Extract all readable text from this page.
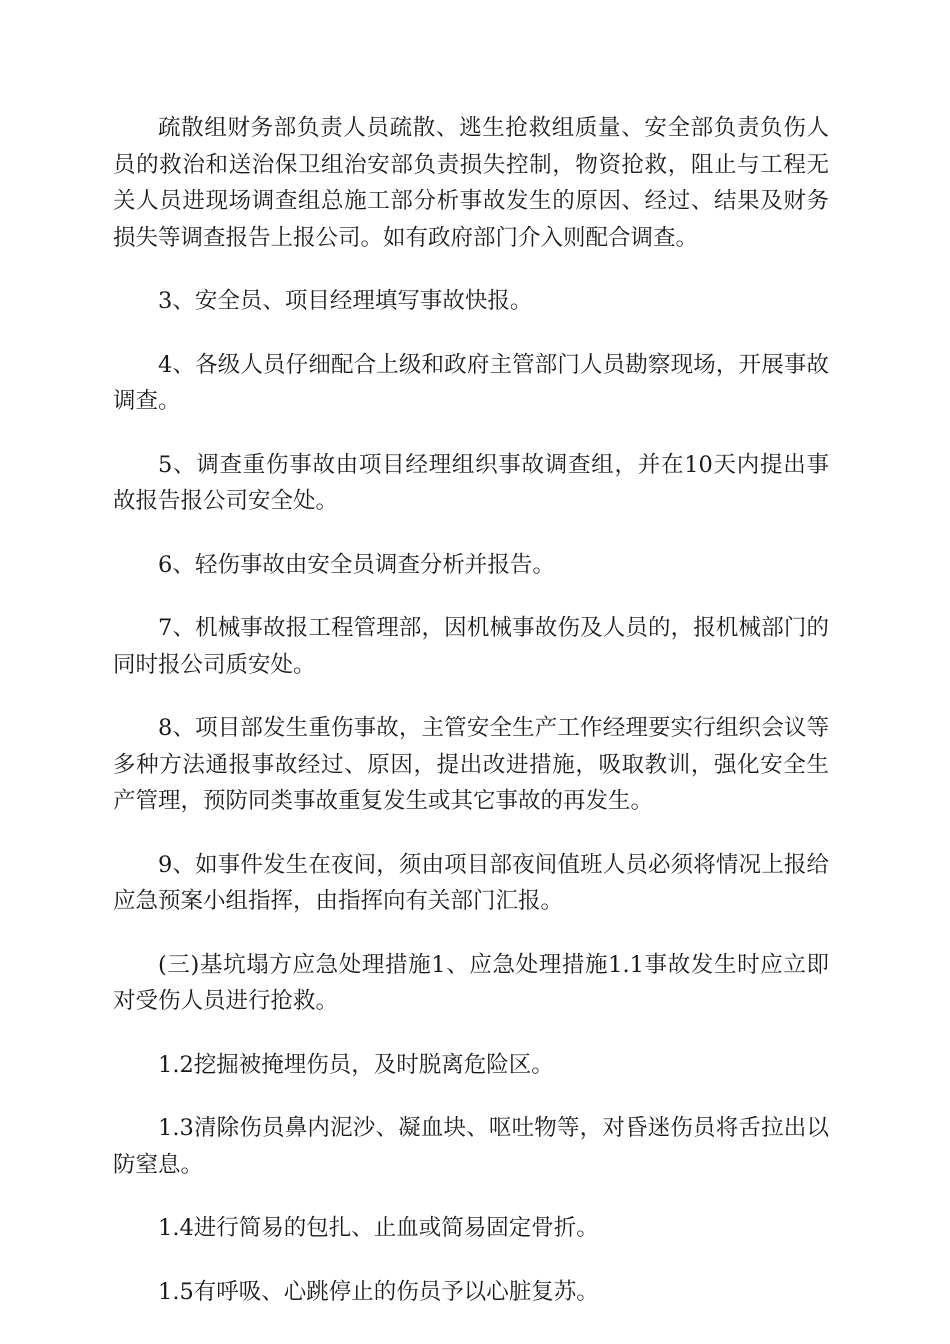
疏散组财务部负责人员疏散、逃生抢救组质量、安全部负责负伤人员的救治和送治保卫组治安部负责损失控制，物资抢救，阻止与工程无关人员进现场调查组总施工部分析事故发生的原因、经过、结果及财务损失等调查报告上报公司。如有政府部门介入则配合调查。

3、安全员、项目经理填写事故快报。

4、各级人员仔细配合上级和政府主管部门人员勘察现场，开展事故调查。

5、调查重伤事故由项目经理组织事故调查组，并在10天内提出事故报告报公司安全处。

6、轻伤事故由安全员调查分析并报告。

7、机械事故报工程管理部，因机械事故伤及人员的，报机械部门的同时报公司质安处。

8、项目部发生重伤事故，主管安全生产工作经理要实行组织会议等多种方法通报事故经过、原因，提出改进措施，吸取教训，强化安全生产管理，预防同类事故重复发生或其它事故的再发生。

9、如事件发生在夜间，须由项目部夜间值班人员必须将情况上报给应急预案小组指挥，由指挥向有关部门汇报。

(三)基坑塌方应急处理措施1、应急处理措施1.1事故发生时应立即对受伤人员进行抢救。

1.2挖掘被掩埋伤员，及时脱离危险区。

1.3清除伤员鼻内泥沙、凝血块、呕吐物等，对昏迷伤员将舌拉出以防窒息。

1.4进行简易的包扎、止血或简易固定骨折。

1.5有呼吸、心跳停止的伤员予以心脏复苏。
